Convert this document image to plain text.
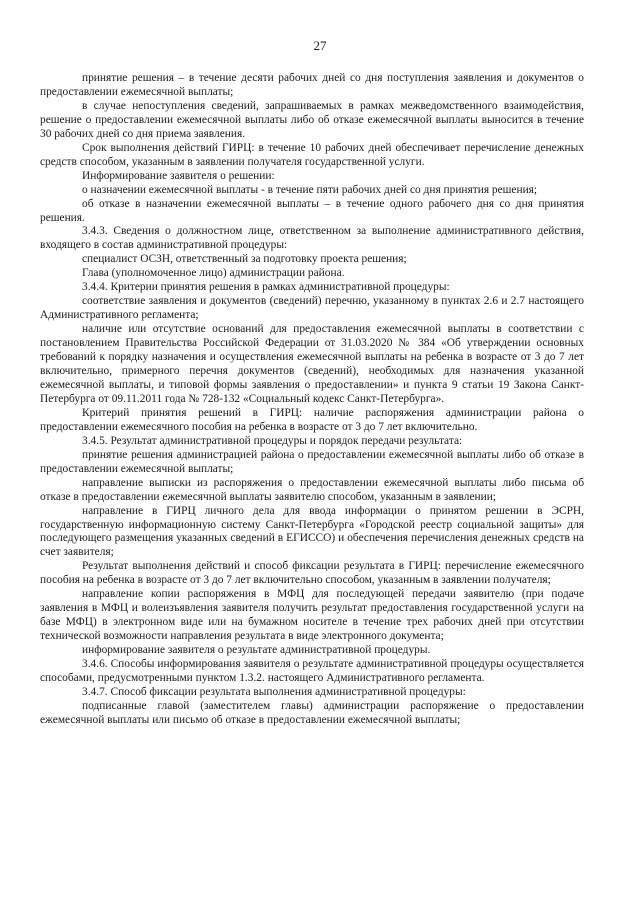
27

принятие решения – в течение десяти рабочих дней со дня поступления заявления и документов о предоставлении ежемесячной выплаты;

в случае непоступления сведений, запрашиваемых в рамках межведомственного взаимодействия, решение о предоставлении ежемесячной выплаты либо об отказе ежемесячной выплаты выносится в течение 30 рабочих дней со дня приема заявления.

Срок выполнения действий ГИРЦ: в течение 10 рабочих дней обеспечивает перечисление денежных средств способом, указанным в заявлении получателя государственной услуги.

Информирование заявителя о решении:

о назначении ежемесячной выплаты - в течение пяти рабочих дней со дня принятия решения;

об отказе в назначении ежемесячной выплаты – в течение одного рабочего дня со дня принятия решения.

3.4.3. Сведения о должностном лице, ответственном за выполнение административного действия, входящего в состав административной процедуры:

специалист ОСЗН, ответственный за подготовку проекта решения;

Глава (уполномоченное лицо) администрации района.

3.4.4. Критерии принятия решения в рамках административной процедуры:

соответствие заявления и документов (сведений) перечню, указанному в пунктах 2.6 и 2.7 настоящего Административного регламента;

наличие или отсутствие оснований для предоставления ежемесячной выплаты в соответствии с постановлением Правительства Российской Федерации от 31.03.2020 № 384 «Об утверждении основных требований к порядку назначения и осуществления ежемесячной выплаты на ребенка в возрасте от 3 до 7 лет включительно, примерного перечня документов (сведений), необходимых для назначения указанной ежемесячной выплаты, и типовой формы заявления о предоставлении» и пункта 9 статьи 19 Закона Санкт-Петербурга от 09.11.2011 года № 728-132 «Социальный кодекс Санкт-Петербурга».

Критерий принятия решений в ГИРЦ: наличие распоряжения администрации района о предоставлении ежемесячного пособия на ребенка в возрасте от 3 до 7 лет включительно.

3.4.5. Результат административной процедуры и порядок передачи результата:

принятие решения администрацией района о предоставлении ежемесячной выплаты либо об отказе в предоставлении ежемесячной выплаты;

направление выписки из распоряжения о предоставлении ежемесячной выплаты либо письма об отказе в предоставлении ежемесячной выплаты заявителю способом, указанным в заявлении;

направление в ГИРЦ личного дела для ввода информации о принятом решении в ЭСРН, государственную информационную систему Санкт-Петербурга «Городской реестр социальной защиты» для последующего размещения указанных сведений в ЕГИССО) и обеспечения перечисления денежных средств на счет заявителя;

Результат выполнения действий и способ фиксации результата в ГИРЦ: перечисление ежемесячного пособия на ребенка в возрасте от 3 до 7 лет включительно способом, указанным в заявлении получателя;

направление копии распоряжения в МФЦ для последующей передачи заявителю (при подаче заявления в МФЦ и волеизъявления заявителя получить результат предоставления государственной услуги на базе МФЦ) в электронном виде или на бумажном носителе в течение трех рабочих дней при отсутствии технической возможности направления результата в виде электронного документа;

информирование заявителя о результате административной процедуры.

3.4.6. Способы информирования заявителя о результате административной процедуры осуществляется способами, предусмотренными пунктом 1.3.2. настоящего Административного регламента.

3.4.7. Способ фиксации результата выполнения административной процедуры:

подписанные главой (заместителем главы) администрации распоряжение о предоставлении ежемесячной выплаты или письмо об отказе в предоставлении ежемесячной выплаты;
